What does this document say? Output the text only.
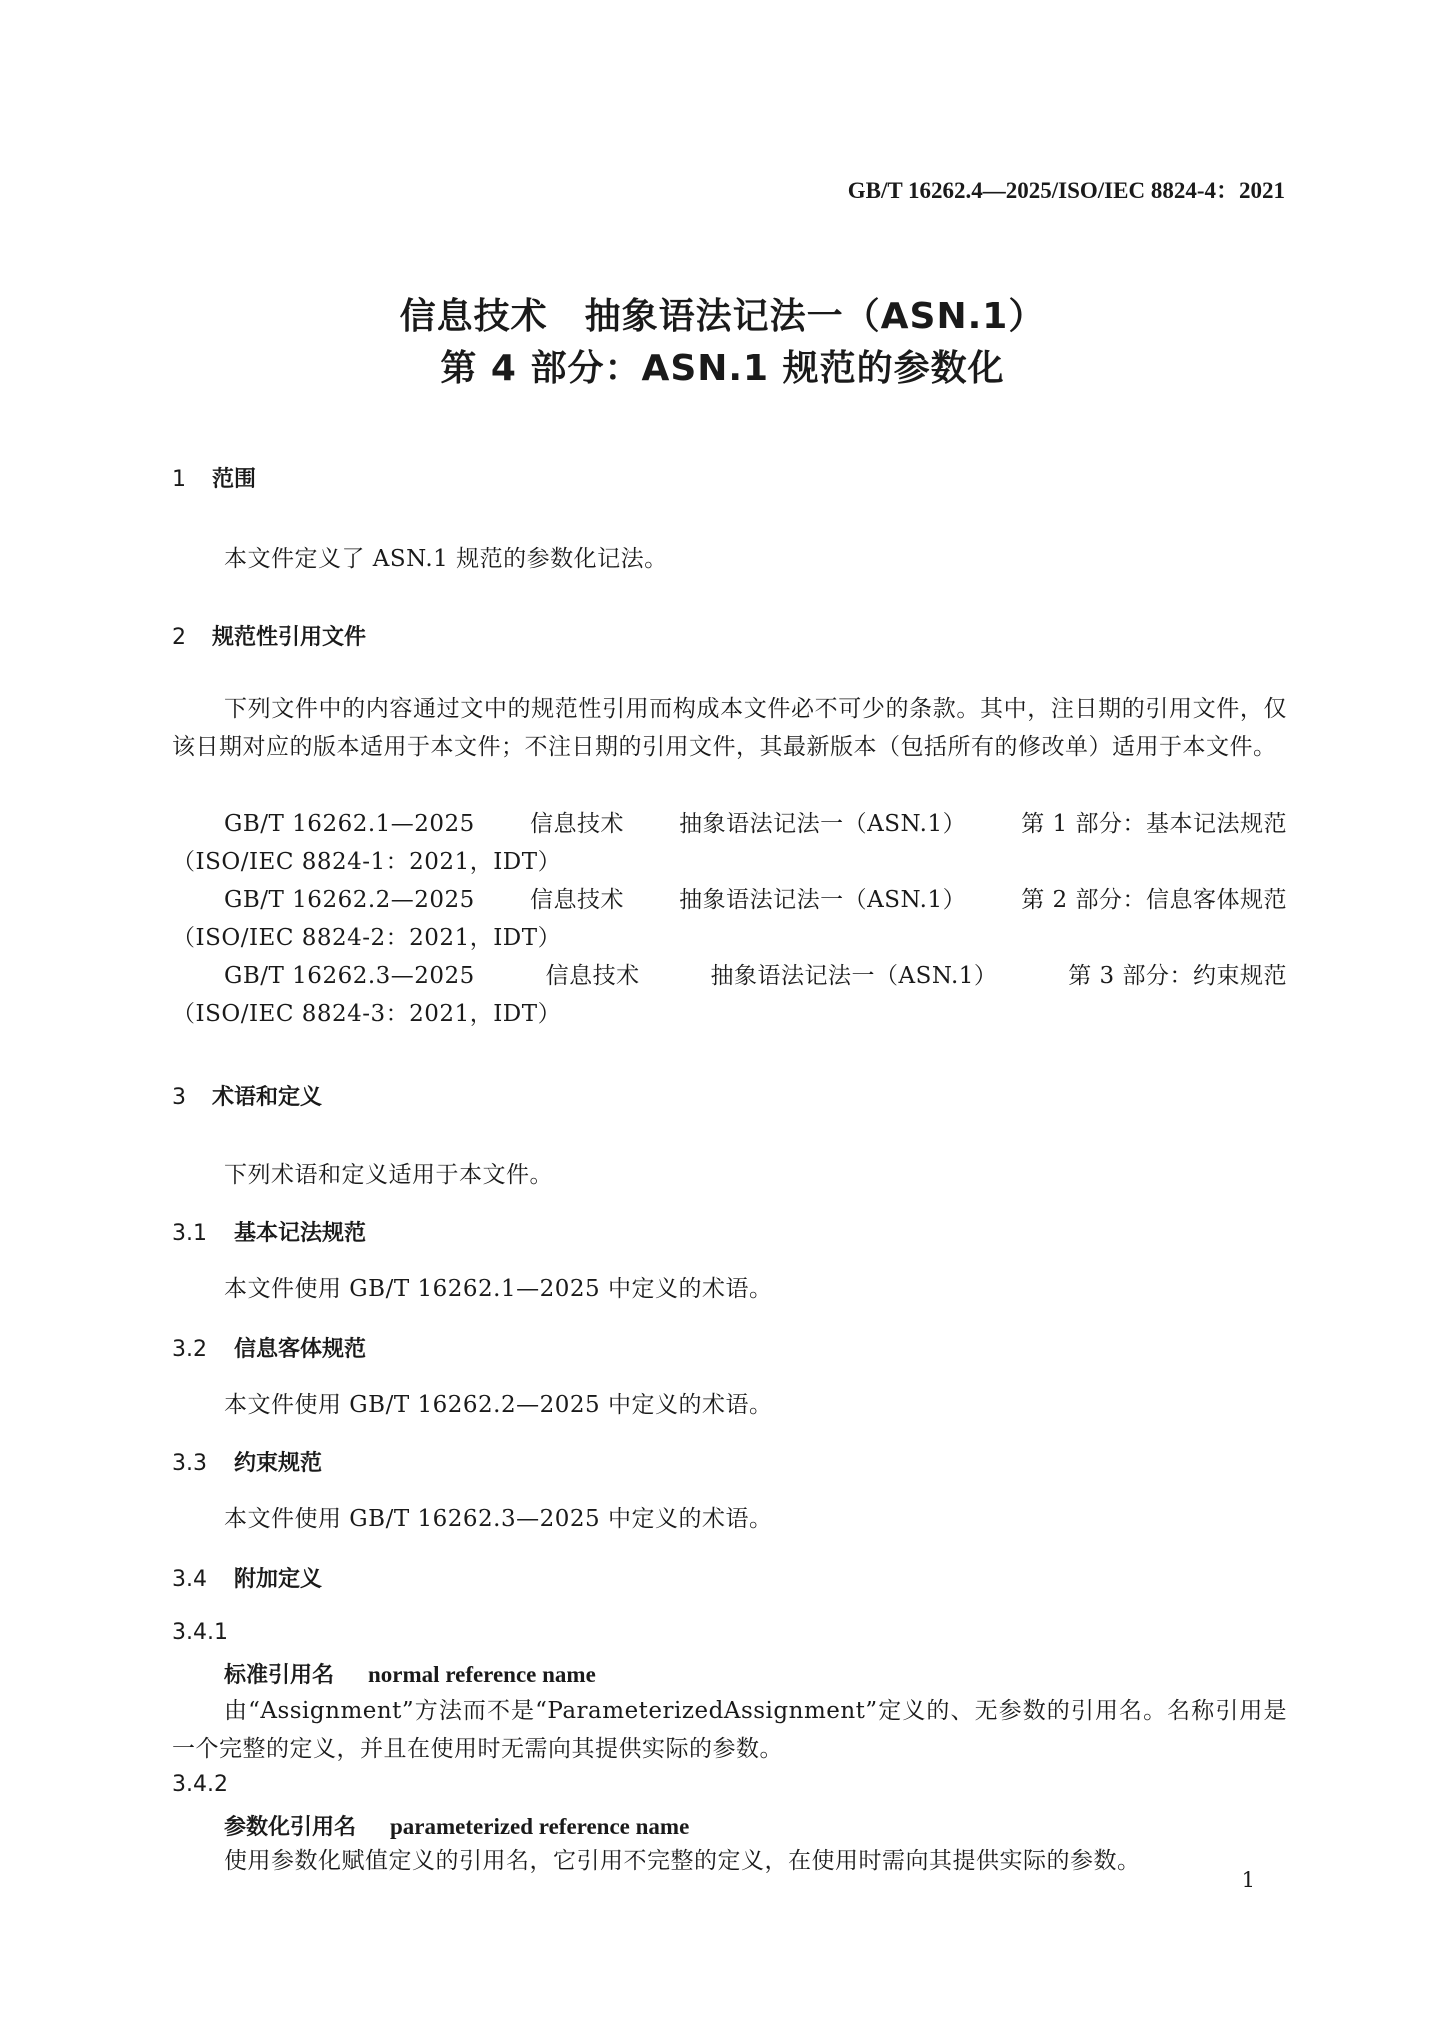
GB/T 16262.4—2025/ISO/IEC 8824-4：2021
信息技术　抽象语法记法一（ASN.1）
第 4 部分：ASN.1 规范的参数化
1 范围
本文件定义了 ASN.1 规范的参数化记法。
2 规范性引用文件

下列文件中的内容通过文中的规范性引用而构成本文件必不可少的条款。其中，注日期的引用文件，仅该日期对应的版本适用于本文件；不注日期的引用文件，其最新版本（包括所有的修改单）适用于本文件。

GB/T 16262.1—2025 信息技术 抽象语法记法一（ASN.1） 第 1 部分：基本记法规范
（ISO/IEC 8824-1：2021，IDT）
GB/T 16262.2—2025 信息技术 抽象语法记法一（ASN.1） 第 2 部分：信息客体规范
（ISO/IEC 8824-2：2021，IDT）
GB/T 16262.3—2025	信息技术	抽象语法记法一（ASN.1）	第 3 部分：约束规范
（ISO/IEC 8824-3：2021，IDT）
3 术语和定义
下列术语和定义适用于本文件。
3.1 基本记法规范
本文件使用 GB/T 16262.1—2025 中定义的术语。
3.2 信息客体规范
本文件使用 GB/T 16262.2—2025 中定义的术语。
3.3 约束规范
本文件使用 GB/T 16262.3—2025 中定义的术语。
3.4 附加定义
3.4.1
标准引用名 normal reference name

由“Assignment”方法而不是“ParameterizedAssignment”定义的、无参数的引用名。名称引用是一个完整的定义，并且在使用时无需向其提供实际的参数。

3.4.2
参数化引用名 parameterized reference name

使用参数化赋值定义的引用名，它引用不完整的定义，在使用时需向其提供实际的参数。

1
